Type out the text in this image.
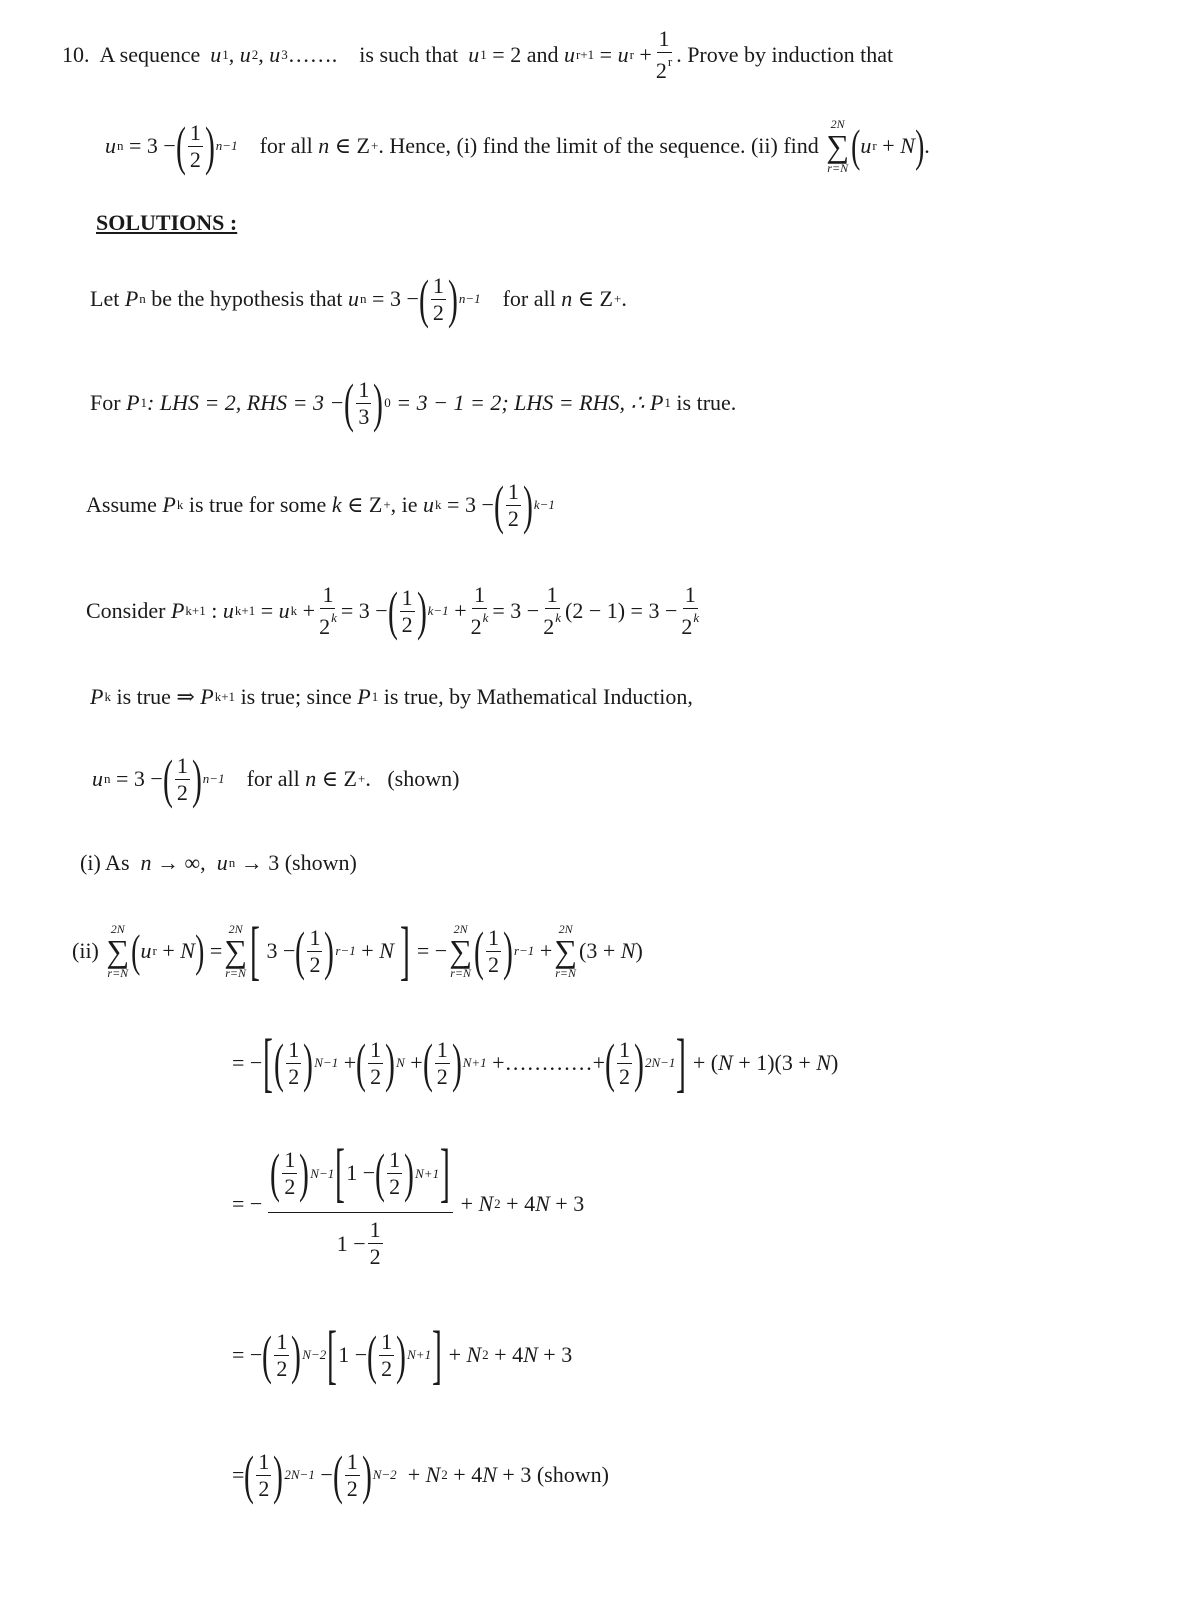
10. A sequence u 1 , u 2 , u 3 ……. is such that u 1
= 2
and
u r+1 = u $r + \frac{1}{2^r}$ . Prove by induction that
u n = 3 − ( $\frac{1}{2}$ ) n−1 for all
n ∈ Z + . Hence, (i) find the limit of the sequence. (ii) find

2N
∑
r=N ( u r + N ) .
SOLUTIONS :
Let
P n
be the hypothesis that
u n = 3 − ( $\frac{1}{2}$ ) n−1 for all
n ∈ Z + .
For
P 1 : LHS = 2, RHS = 3 − ( $\frac{1}{3}$ ) 0
= 3 − 1 = 2; LHS = RHS, ∴
P 1
is true.
Assume
P k
is true for some
k ∈ Z + , ie
u k = 3 − ( $\frac{1}{2}$ ) k−1
Consider
P k+1 : u k+1 = u $k + \frac{1}{2^k} = 3$ − ( $\frac{1}{2}$ ) $k-1 + \frac{1}{2^k} = 3 - \frac{1}{2^k} (2 - 1) = 3 - \frac{1}{2^k}$
P k
is true ⇒
P k+1
is true; since
P 1
is true, by Mathematical Induction,
u n = 3 − ( $\frac{1}{2}$ ) n−1 for all
n ∈ Z + . (shown)
(i) As
n → ∞, u n → 3 (shown)
(ii)

2N
∑
r=N ( u r + N ) =
2N
∑
r=N [ 3 − ( $\frac{1}{2}$ ) r−1 + N
] = −
2N
∑
r=N ( $\frac{1}{2}$ ) r−1 +
2N
∑
r=N
(3 + N )
= − [ ( $\frac{1}{2}$ ) N−1 + ( $\frac{1}{2}$ ) N + ( $\frac{1}{2}$ ) N+1 + ………… + ( $\frac{1}{2}$ ) 2N−1 ] + ( N + 1)(3 + N )
= − $\frac{( \frac{1}{2} ) N-1 [ 1 - ( \frac{1}{2} ) N+1 ]}{1 - \frac{1}{2}} + N$ 2 + 4 N + 3
= − ( $\frac{1}{2}$ ) N−2 [ 1 − ( $\frac{1}{2}$ ) N+1 ] + N 2 + 4 N + 3
= ( $\frac{1}{2}$ ) 2N−1 − ( $\frac{1}{2}$ ) N−2 + N 2 + 4 N + 3 (shown)
